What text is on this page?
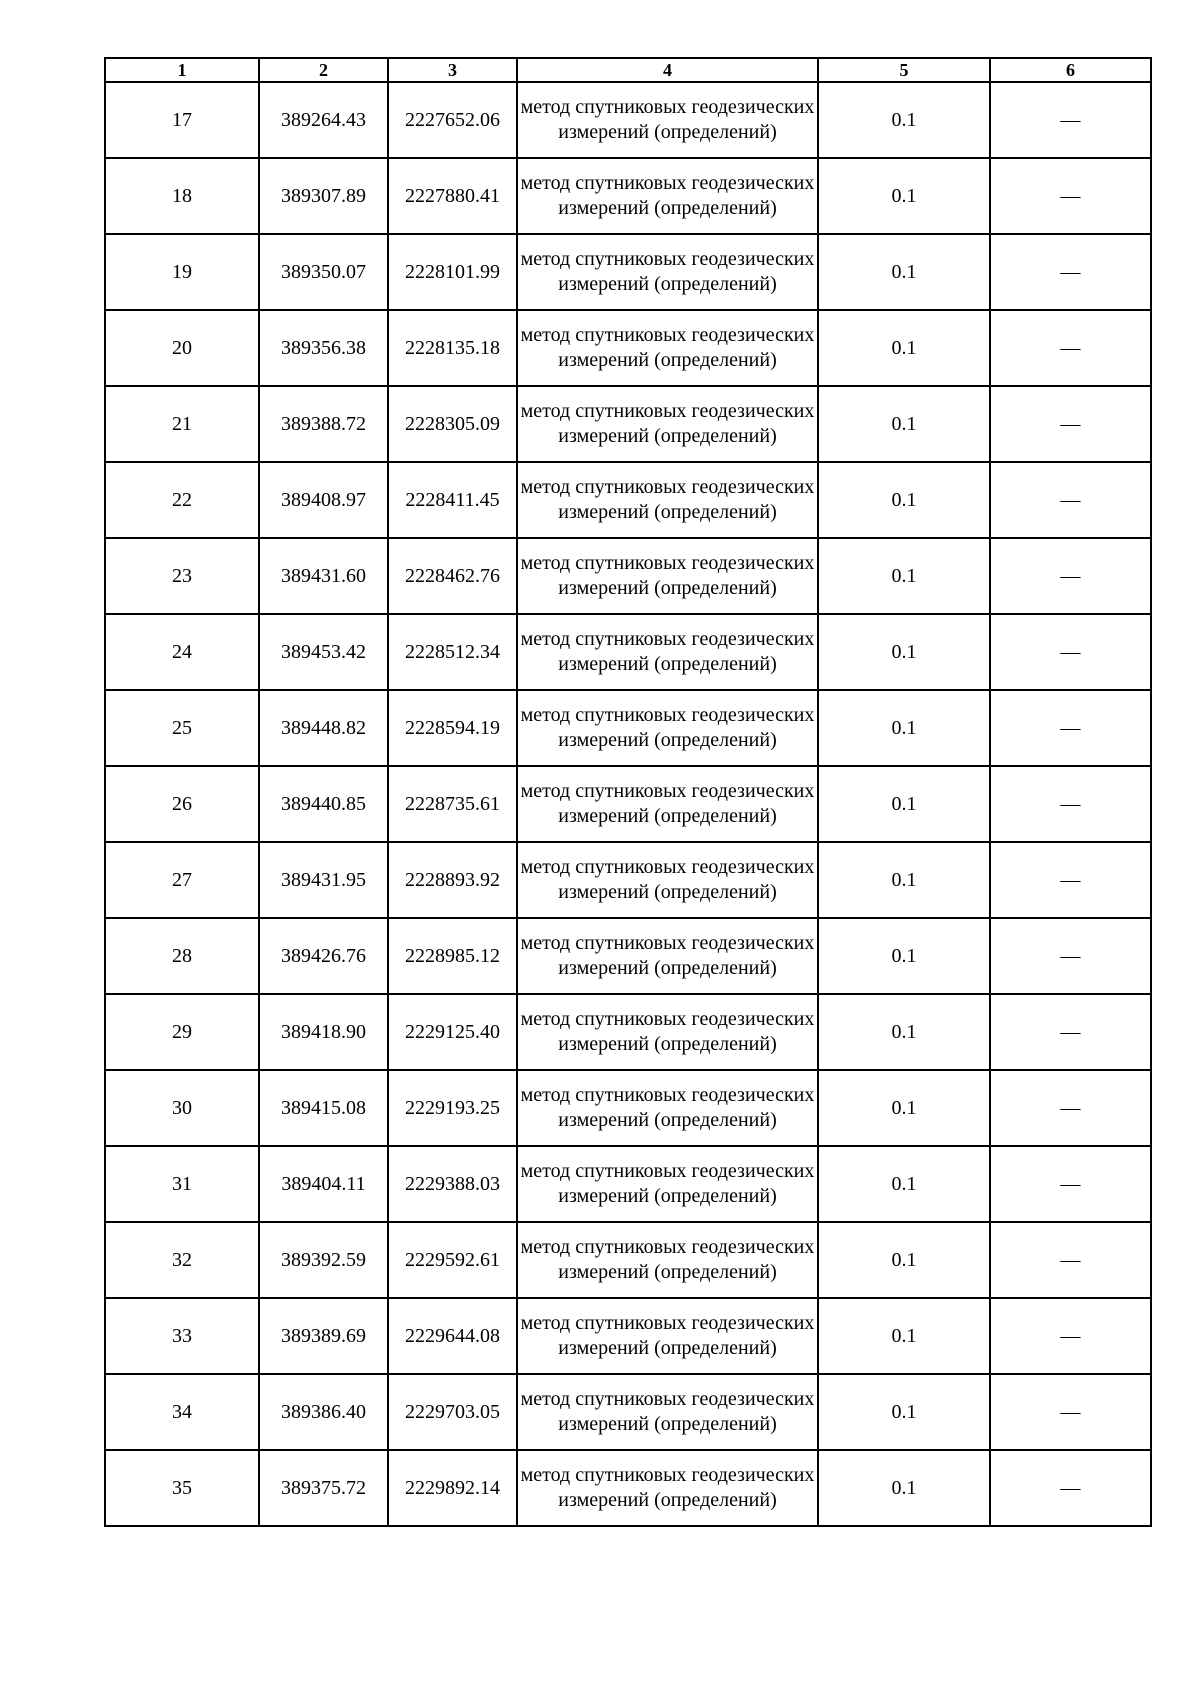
1	2	3	4	5	6
17	389264.43	2227652.06	метод спутниковых геодезических измерений (определений)	0.1	—
18	389307.89	2227880.41	метод спутниковых геодезических измерений (определений)	0.1	—
19	389350.07	2228101.99	метод спутниковых геодезических измерений (определений)	0.1	—
20	389356.38	2228135.18	метод спутниковых геодезических измерений (определений)	0.1	—
21	389388.72	2228305.09	метод спутниковых геодезических измерений (определений)	0.1	—
22	389408.97	2228411.45	метод спутниковых геодезических измерений (определений)	0.1	—
23	389431.60	2228462.76	метод спутниковых геодезических измерений (определений)	0.1	—
24	389453.42	2228512.34	метод спутниковых геодезических измерений (определений)	0.1	—
25	389448.82	2228594.19	метод спутниковых геодезических измерений (определений)	0.1	—
26	389440.85	2228735.61	метод спутниковых геодезических измерений (определений)	0.1	—
27	389431.95	2228893.92	метод спутниковых геодезических измерений (определений)	0.1	—
28	389426.76	2228985.12	метод спутниковых геодезических измерений (определений)	0.1	—
29	389418.90	2229125.40	метод спутниковых геодезических измерений (определений)	0.1	—
30	389415.08	2229193.25	метод спутниковых геодезических измерений (определений)	0.1	—
31	389404.11	2229388.03	метод спутниковых геодезических измерений (определений)	0.1	—
32	389392.59	2229592.61	метод спутниковых геодезических измерений (определений)	0.1	—
33	389389.69	2229644.08	метод спутниковых геодезических измерений (определений)	0.1	—
34	389386.40	2229703.05	метод спутниковых геодезических измерений (определений)	0.1	—
35	389375.72	2229892.14	метод спутниковых геодезических измерений (определений)	0.1	—
